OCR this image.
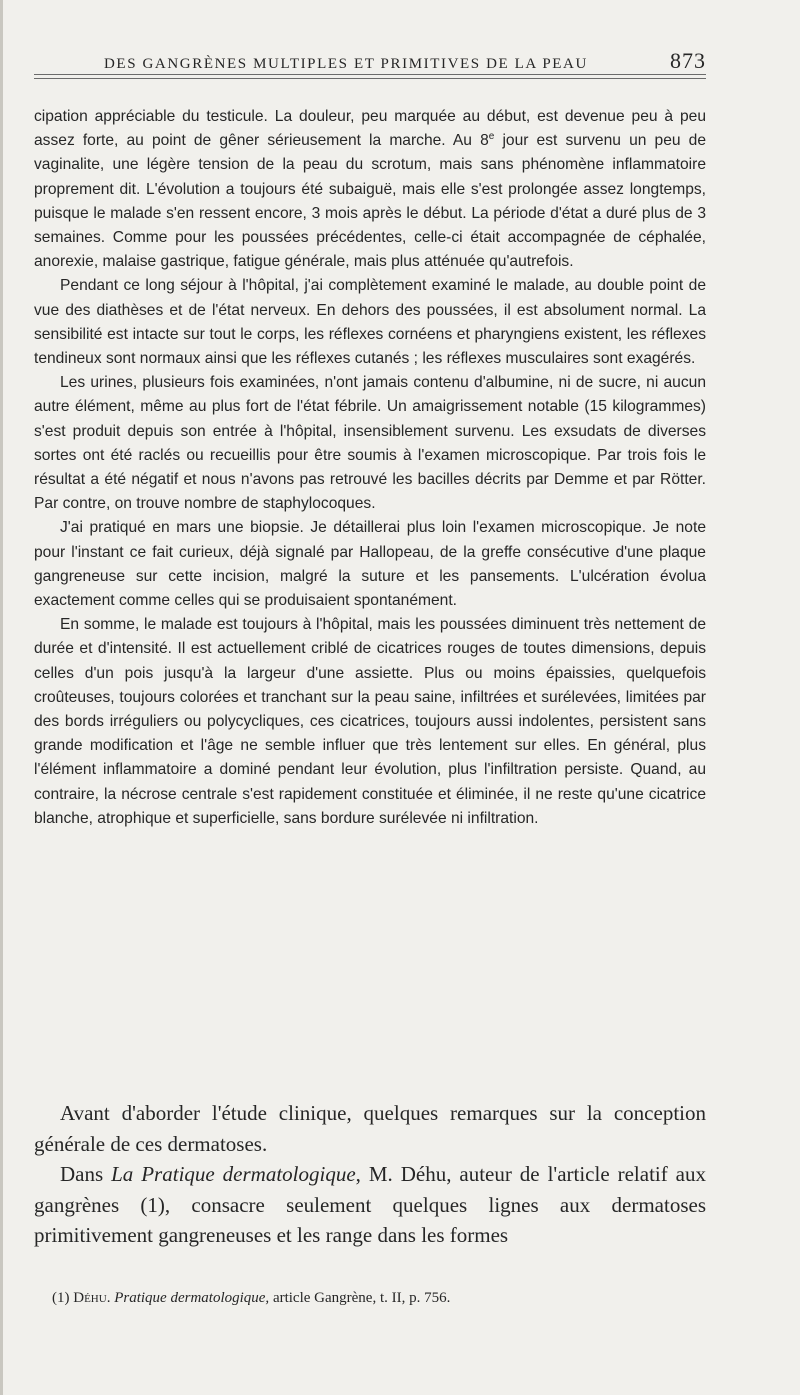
DES GANGRÈNES MULTIPLES ET PRIMITIVES DE LA PEAU	873

cipation appréciable du testicule. La douleur, peu marquée au début, est devenue peu à peu assez forte, au point de gêner sérieusement la marche. Au 8e jour est survenu un peu de vaginalite, une légère tension de la peau du scrotum, mais sans phénomène inflammatoire proprement dit. L'évolution a toujours été subaiguë, mais elle s'est prolongée assez longtemps, puisque le malade s'en ressent encore, 3 mois après le début. La période d'état a duré plus de 3 semaines. Comme pour les poussées précédentes, celle-ci était accompagnée de céphalée, anorexie, malaise gastrique, fatigue générale, mais plus atténuée qu'autrefois.

Pendant ce long séjour à l'hôpital, j'ai complètement examiné le malade, au double point de vue des diathèses et de l'état nerveux. En dehors des poussées, il est absolument normal. La sensibilité est intacte sur tout le corps, les réflexes cornéens et pharyngiens existent, les réflexes tendineux sont normaux ainsi que les réflexes cutanés ; les réflexes musculaires sont exagérés.

Les urines, plusieurs fois examinées, n'ont jamais contenu d'albumine, ni de sucre, ni aucun autre élément, même au plus fort de l'état fébrile. Un amaigrissement notable (15 kilogrammes) s'est produit depuis son entrée à l'hôpital, insensiblement survenu. Les exsudats de diverses sortes ont été raclés ou recueillis pour être soumis à l'examen microscopique. Par trois fois le résultat a été négatif et nous n'avons pas retrouvé les bacilles décrits par Demme et par Rötter. Par contre, on trouve nombre de staphylocoques.

J'ai pratiqué en mars une biopsie. Je détaillerai plus loin l'examen microscopique. Je note pour l'instant ce fait curieux, déjà signalé par Hallopeau, de la greffe consécutive d'une plaque gangreneuse sur cette incision, malgré la suture et les pansements. L'ulcération évolua exactement comme celles qui se produisaient spontanément.

En somme, le malade est toujours à l'hôpital, mais les poussées diminuent très nettement de durée et d'intensité. Il est actuellement criblé de cicatrices rouges de toutes dimensions, depuis celles d'un pois jusqu'à la largeur d'une assiette. Plus ou moins épaissies, quelquefois croûteuses, toujours colorées et tranchant sur la peau saine, infiltrées et surélevées, limitées par des bords irréguliers ou polycycliques, ces cicatrices, toujours aussi indolentes, persistent sans grande modification et l'âge ne semble influer que très lentement sur elles. En général, plus l'élément inflammatoire a dominé pendant leur évolution, plus l'infiltration persiste. Quand, au contraire, la nécrose centrale s'est rapidement constituée et éliminée, il ne reste qu'une cicatrice blanche, atrophique et superficielle, sans bordure surélevée ni infiltration.

Avant d'aborder l'étude clinique, quelques remarques sur la conception générale de ces dermatoses.

Dans La Pratique dermatologique, M. Déhu, auteur de l'article relatif aux gangrènes (1), consacre seulement quelques lignes aux dermatoses primitivement gangreneuses et les range dans les formes

(1) Déhu. Pratique dermatologique, article Gangrène, t. II, p. 756.
